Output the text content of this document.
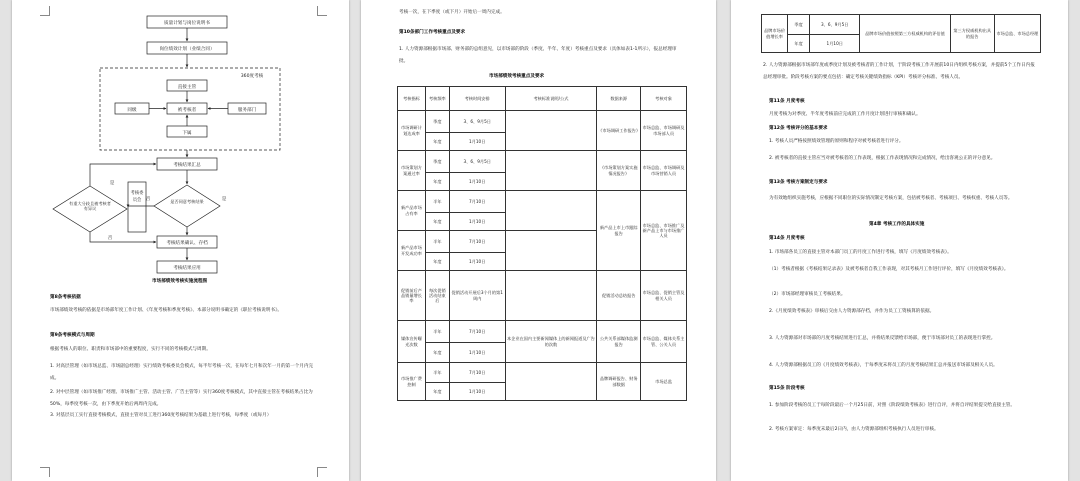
质量计划与岗位说明书
岗位绩效计划（业绩合同）
360度考核
直接主管
同级	被考核者	服务部门
下属
考核结果汇总
考核结果确认、存档
考核结果应用
是
否
是
否
考核委员会	是否同意考核结果
有重大分歧且被考核者有异议
市场部绩效考核实施流程图
第8条考核依据
市场部绩效考核的依据是市场部年度工作计划、《年度考核和季度考核》、本部分说明书确定的《职位考核说明书》。
第9条考核模式与周期
根据考核人的职位、职责和市场部中的重要程度，实行不同的考核模式与周期。
1. 对高层管理（如市场总监、市场副总经理）实行绩效考核委员会模式，每半年考核一次，在每年七月和次年一月的第一个月内完成。
2. 对中层管理（如市场推广经理、市场推广主管、活动主管、广告主管等）实行360度考核模式，其中直接主管在考核结果占比为50%，每季度考核一次，由下季度开始后两周内完成。
3. 对基层员工实行直接考核模式，直接主管对员工进行360度考核结果为基础上进行考核，每季度（或每月）
考核一次，在下季度（或下月）开始后一周内完成。
第10条部门工作考核重点及要求
1. 人力资源部根据市场部、财务部的总组意见，以市场部的阶段（季度、半年、年度）考核重点及要求（具体如表1-1所示），报总经理审批。
市场部绩效考核重点及要求
考核指标	考核频率	考核时间安排	考核标准说明/公式	数据来源	考核对象
市场调研计划达成率	季度	3、6、9月5日		《市场调研工作报告》	市场总监、市场调研及市场部人员
	年度	1月10日			
市场策划方案通过率	季度	3、6、9月5日		《市场策划方案实施情况报告》	市场总监、市场调研及市场营销人员
	年度	1月10日			
新产品市场占有率	半年	7月10日		新产品上市上市跟踪报告	市场总监、市场推广及新产品上市与市场推广人员
	年度	1月10日			
新产品市场开发成功率	半年	7月10日			
	年度	1月10日			
促销前后产品销量增长率	每次促销活动结束后	促销活动开展后3个月的第1周内		促销活动总结报告	市场总监、促销主管及相关人员
媒体宣传曝光次数	半年	7月10日	本企业在国内主要新闻媒体上的新闻报道及广告的次数	公共关系部媒体监测报告	市场总监、媒体关系主管、公关人员
	年度	1月10日			
市场推广费控制	半年	7月10日		品牌调研报告、财务部数据	市场总监
	年度	1月10日			
品牌市场价值增长率	季度	3、6、9月5日	品牌市场价值按照第三方权威机构的评估值	第三方权威机构出具的报告	市场总监、市场总经理
	年度	1月10日			
2. 人力资源部根据市场部年度或季度计划及被考核者的工作计划，于阶段考核工作开展前10日内组织考核方案，并提前5个工作日内报总经理审批。阶段考核方案的要点包括：确定考核关键绩效指标（KPI）考核评分标准、考核人员。
第11条 月度考核
月度考核为对季度、半年度考核前应完成的工作月度计划进行审核和确认。
第12条 考核评分的基本要求
1. 考核人员严格按照绩效管理的原则和程序对被考核者进行评分。
2. 被考核者的直接主管应当对被考核者的工作表现，根据工作表现情况和完成情况，给出客观公正的评分意见。
第13条 考核方案制定与要求
为有效地组织实施考核，应根据不同职位的实际情况制定考核方案，包括被考核者、考核项目、考核权重、考核人员等。
第4章 考核工作的具体实施
第14条 月度考核
1. 市场部各员工的直接主管对本部门员工的月度工作进行考核，填写《月度绩效考核表》。
（1）考核者根据《考核结果记录表》及被考核者自我工作表现，对其考核月工作进行评价，填写《月度绩效考核表》。
（2）市场部经理审核员工考核结果。
2.《月度绩效考核表》审核后交由人力资源部存档，并作为员工工资核算的依据。
3. 人力资源部对市场部的月度考核结果进行汇总，并将结果反馈给市场部，便于市场部对员工的表现进行掌控。
4. 人力资源部根据员工的《月度绩效考核表》，于每季度末将员工的月度考核结果汇总并报送市场部及相关人员。
第15条 阶段考核
1. 参加阶段考核的员工于每阶段最后一个月25日前，对照《阶段绩效考核表》进行自评，并将自评结果提交给直接主管。
2. 考核方案审定：每季度末最后2日内，由人力资源部组织考核执行人员进行审核。
